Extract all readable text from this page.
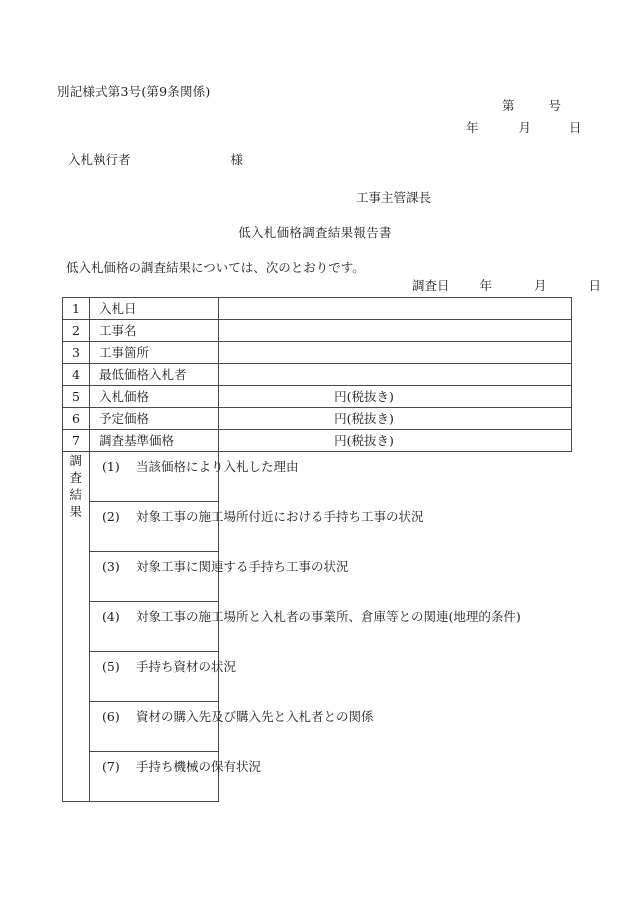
別記様式第3号(第9条関係)
第	号
年	月	日
入札執行者	様
工事主管課長
低入札価格調査結果報告書
低入札価格の調査結果については、次のとおりです。
調査日 年	月	日
1	入札日	

2	工事名	

3	工事箇所	

4	最低価格入札者	

5	入札価格	円(税抜き)

6	予定価格	円(税抜き)

7	調査基準価格	円(税抜き)

調
査
結
果	(1) 当該価格により入札した理由	

	(2) 対象工事の施工場所付近における手持ち工事の状況	

	(3) 対象工事に関連する手持ち工事の状況	

	(4) 対象工事の施工場所と入札者の事業所、倉庫等との関連(地理的条件)	

	(5) 手持ち資材の状況	

	(6) 資材の購入先及び購入先と入札者との関係	

	(7) 手持ち機械の保有状況	
